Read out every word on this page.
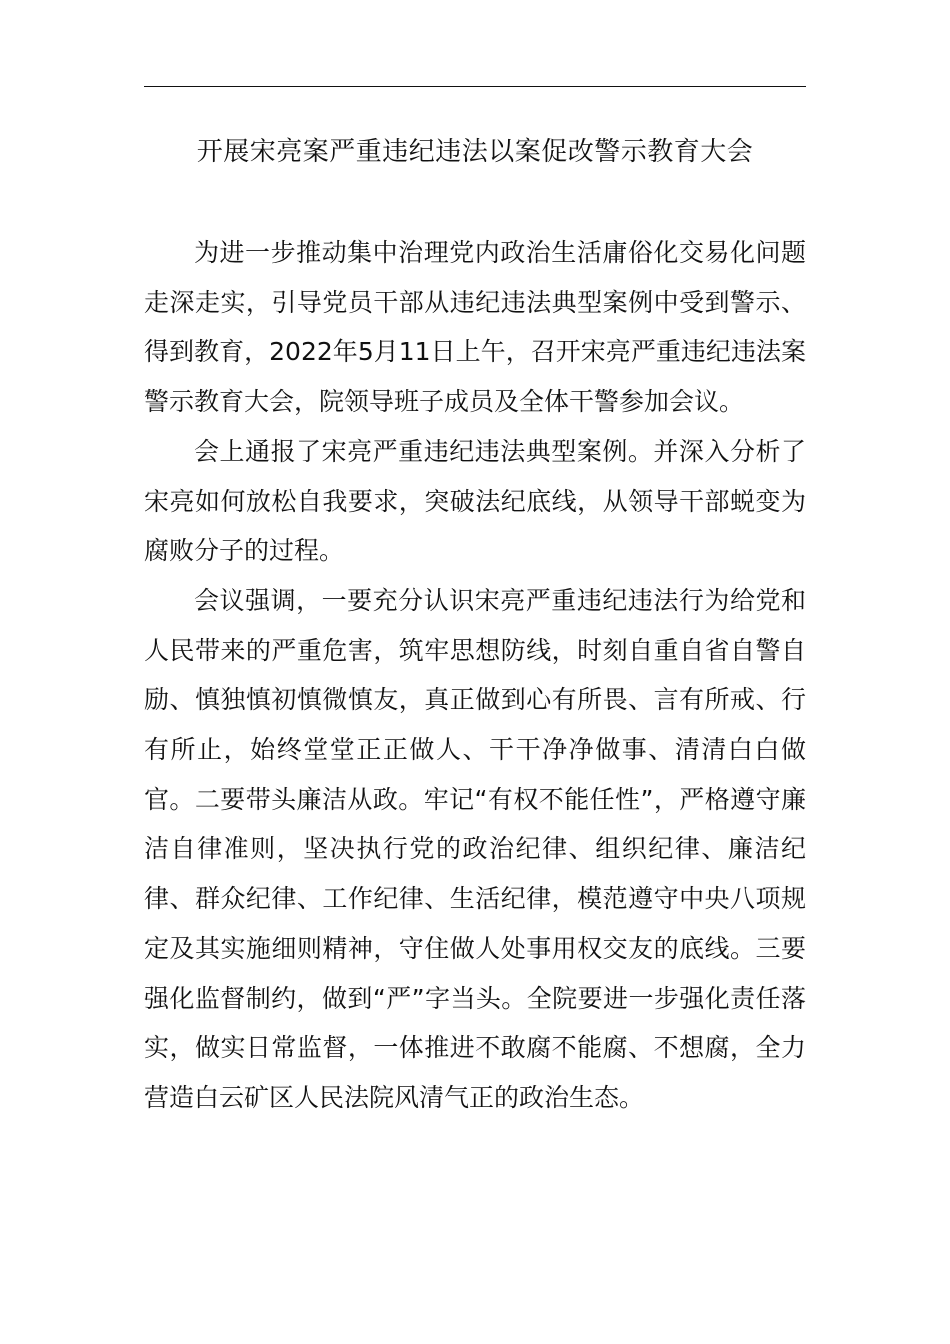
开展宋亮案严重违纪违法以案促改警示教育大会

为进一步推动集中治理党内政治生活庸俗化交易化问题走深走实，引导党员干部从违纪违法典型案例中受到警示、得到教育，2022年5月11日上午，召开宋亮严重违纪违法案警示教育大会，院领导班子成员及全体干警参加会议。

会上通报了宋亮严重违纪违法典型案例。并深入分析了宋亮如何放松自我要求，突破法纪底线，从领导干部蜕变为腐败分子的过程。

会议强调，一要充分认识宋亮严重违纪违法行为给党和人民带来的严重危害，筑牢思想防线，时刻自重自省自警自励、慎独慎初慎微慎友，真正做到心有所畏、言有所戒、行有所止，始终堂堂正正做人、干干净净做事、清清白白做官。二要带头廉洁从政。牢记“有权不能任性”，严格遵守廉洁自律准则，坚决执行党的政治纪律、组织纪律、廉洁纪律、群众纪律、工作纪律、生活纪律，模范遵守中央八项规定及其实施细则精神，守住做人处事用权交友的底线。三要强化监督制约，做到“严”字当头。全院要进一步强化责任落实，做实日常监督，一体推进不敢腐不能腐、不想腐，全力营造白云矿区人民法院风清气正的政治生态。
